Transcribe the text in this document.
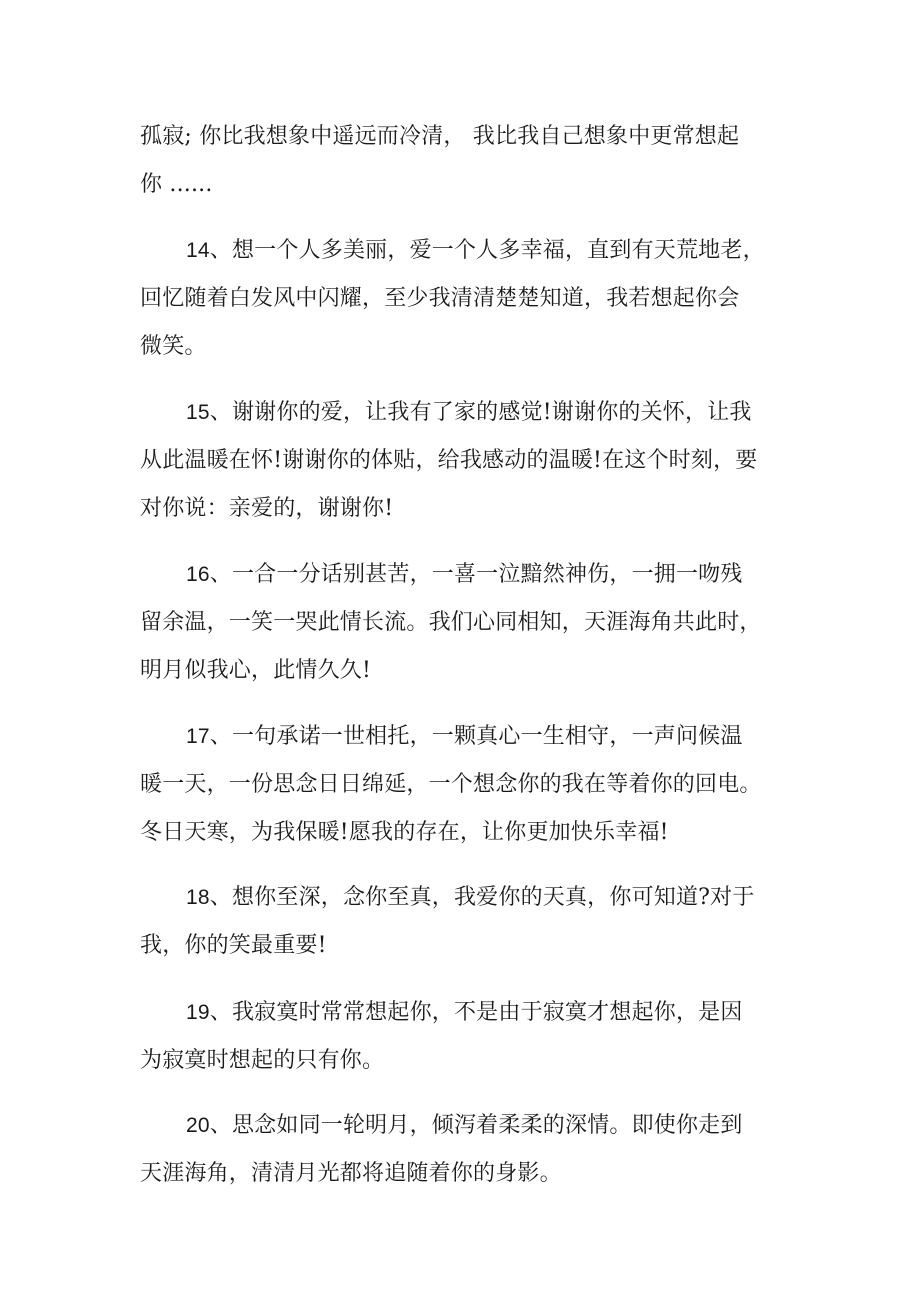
孤寂; 你比我想象中遥远而冷清， 我比我自己想象中更常想起
你 ......

14、想一个人多美丽，爱一个人多幸福，直到有天荒地老，
回忆随着白发风中闪耀，至少我清清楚楚知道，我若想起你会
微笑。

15、谢谢你的爱，让我有了家的感觉!谢谢你的关怀，让我
从此温暖在怀!谢谢你的体贴，给我感动的温暖!在这个时刻，要
对你说：亲爱的，谢谢你!

16、一合一分话别甚苦，一喜一泣黯然神伤，一拥一吻残
留余温，一笑一哭此情长流。我们心同相知，天涯海角共此时，
明月似我心，此情久久!

17、一句承诺一世相托，一颗真心一生相守，一声问候温
暖一天，一份思念日日绵延，一个想念你的我在等着你的回电。
冬日天寒，为我保暖!愿我的存在，让你更加快乐幸福!

18、想你至深，念你至真，我爱你的天真，你可知道?对于
我，你的笑最重要!

19、我寂寞时常常想起你，不是由于寂寞才想起你，是因
为寂寞时想起的只有你。

20、思念如同一轮明月，倾泻着柔柔的深情。即使你走到
天涯海角，清清月光都将追随着你的身影。
